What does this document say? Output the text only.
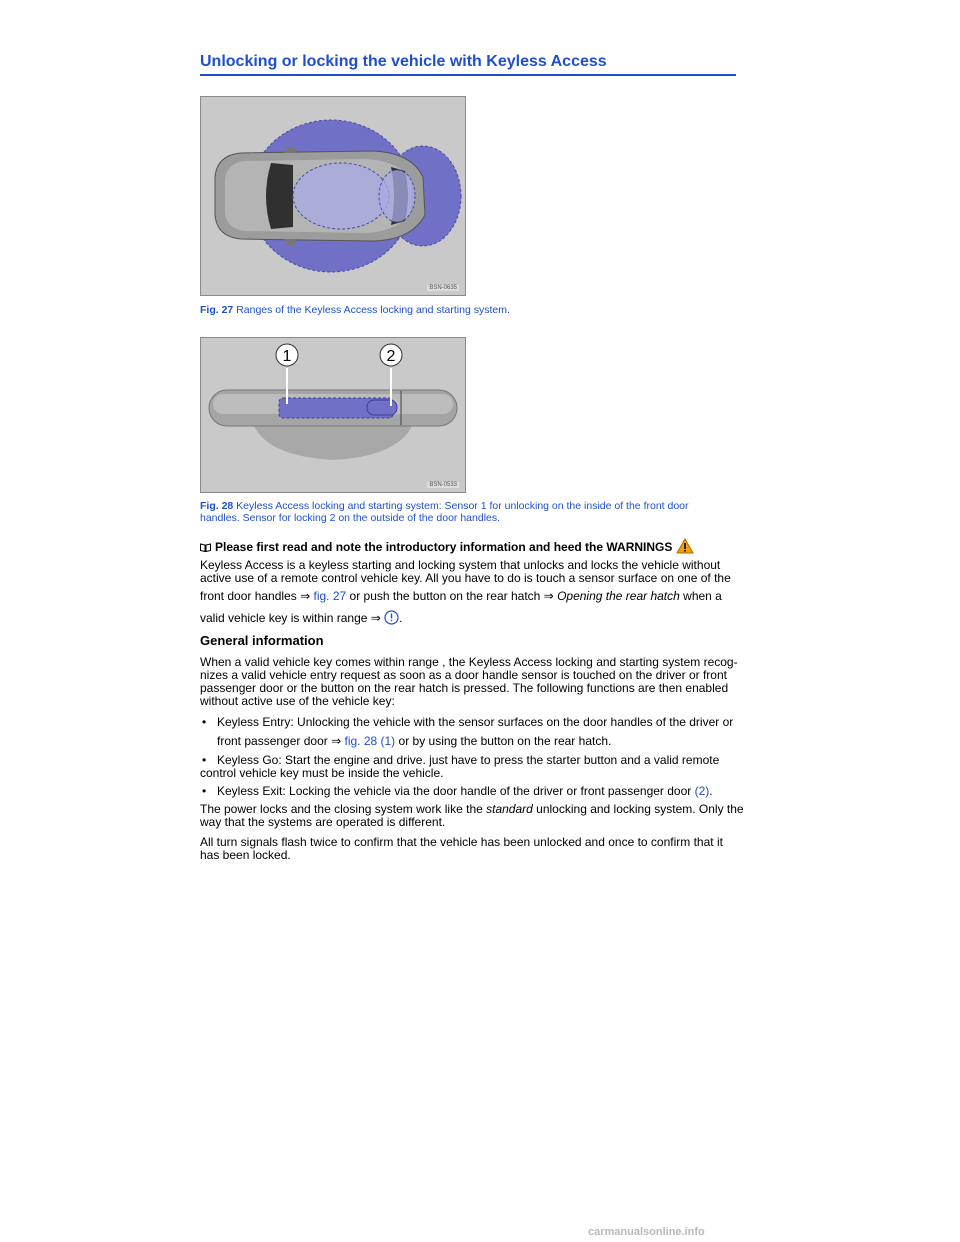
Unlocking or locking the vehicle with Keyless Access
BSN-0635
Fig. 27 Ranges of the Keyless Access locking and starting system.
1	2
BSN-0533
Fig. 28 Keyless Access locking and starting system: Sensor 1 for unlocking on the inside of the front door
handles. Sensor for locking 2 on the outside of the door handles.
Please first read and note the introductory information and heed the WARNINGS
Keyless Access is a keyless starting and locking system that unlocks and locks the vehicle without
active use of a remote control vehicle key. All you have to do is touch a sensor surface on one of the
front door handles ⇒ fig. 27 or push the button on the rear hatch ⇒ Opening the rear hatch when a
valid vehicle key is within range ⇒ .
General information
When a valid vehicle key comes within range , the Keyless Access locking and starting system recog-
nizes a valid vehicle entry request as soon as a door handle sensor is touched on the driver or front
passenger door or the button on the rear hatch is pressed. The following functions are then enabled
without active use of the vehicle key:
• Keyless Entry: Unlocking the vehicle with the sensor surfaces on the door handles of the driver or
front passenger door ⇒ fig. 28 (1) or by using the button on the rear hatch.
• Keyless Go: Start the engine and drive. just have to press the starter button and a valid remote
control vehicle key must be inside the vehicle.
• Keyless Exit: Locking the vehicle via the door handle of the driver or front passenger door (2).
The power locks and the closing system work like the standard unlocking and locking system. Only the
way that the systems are operated is different.
All turn signals flash twice to confirm that the vehicle has been unlocked and once to confirm that it
has been locked.
carmanualsonline.info
